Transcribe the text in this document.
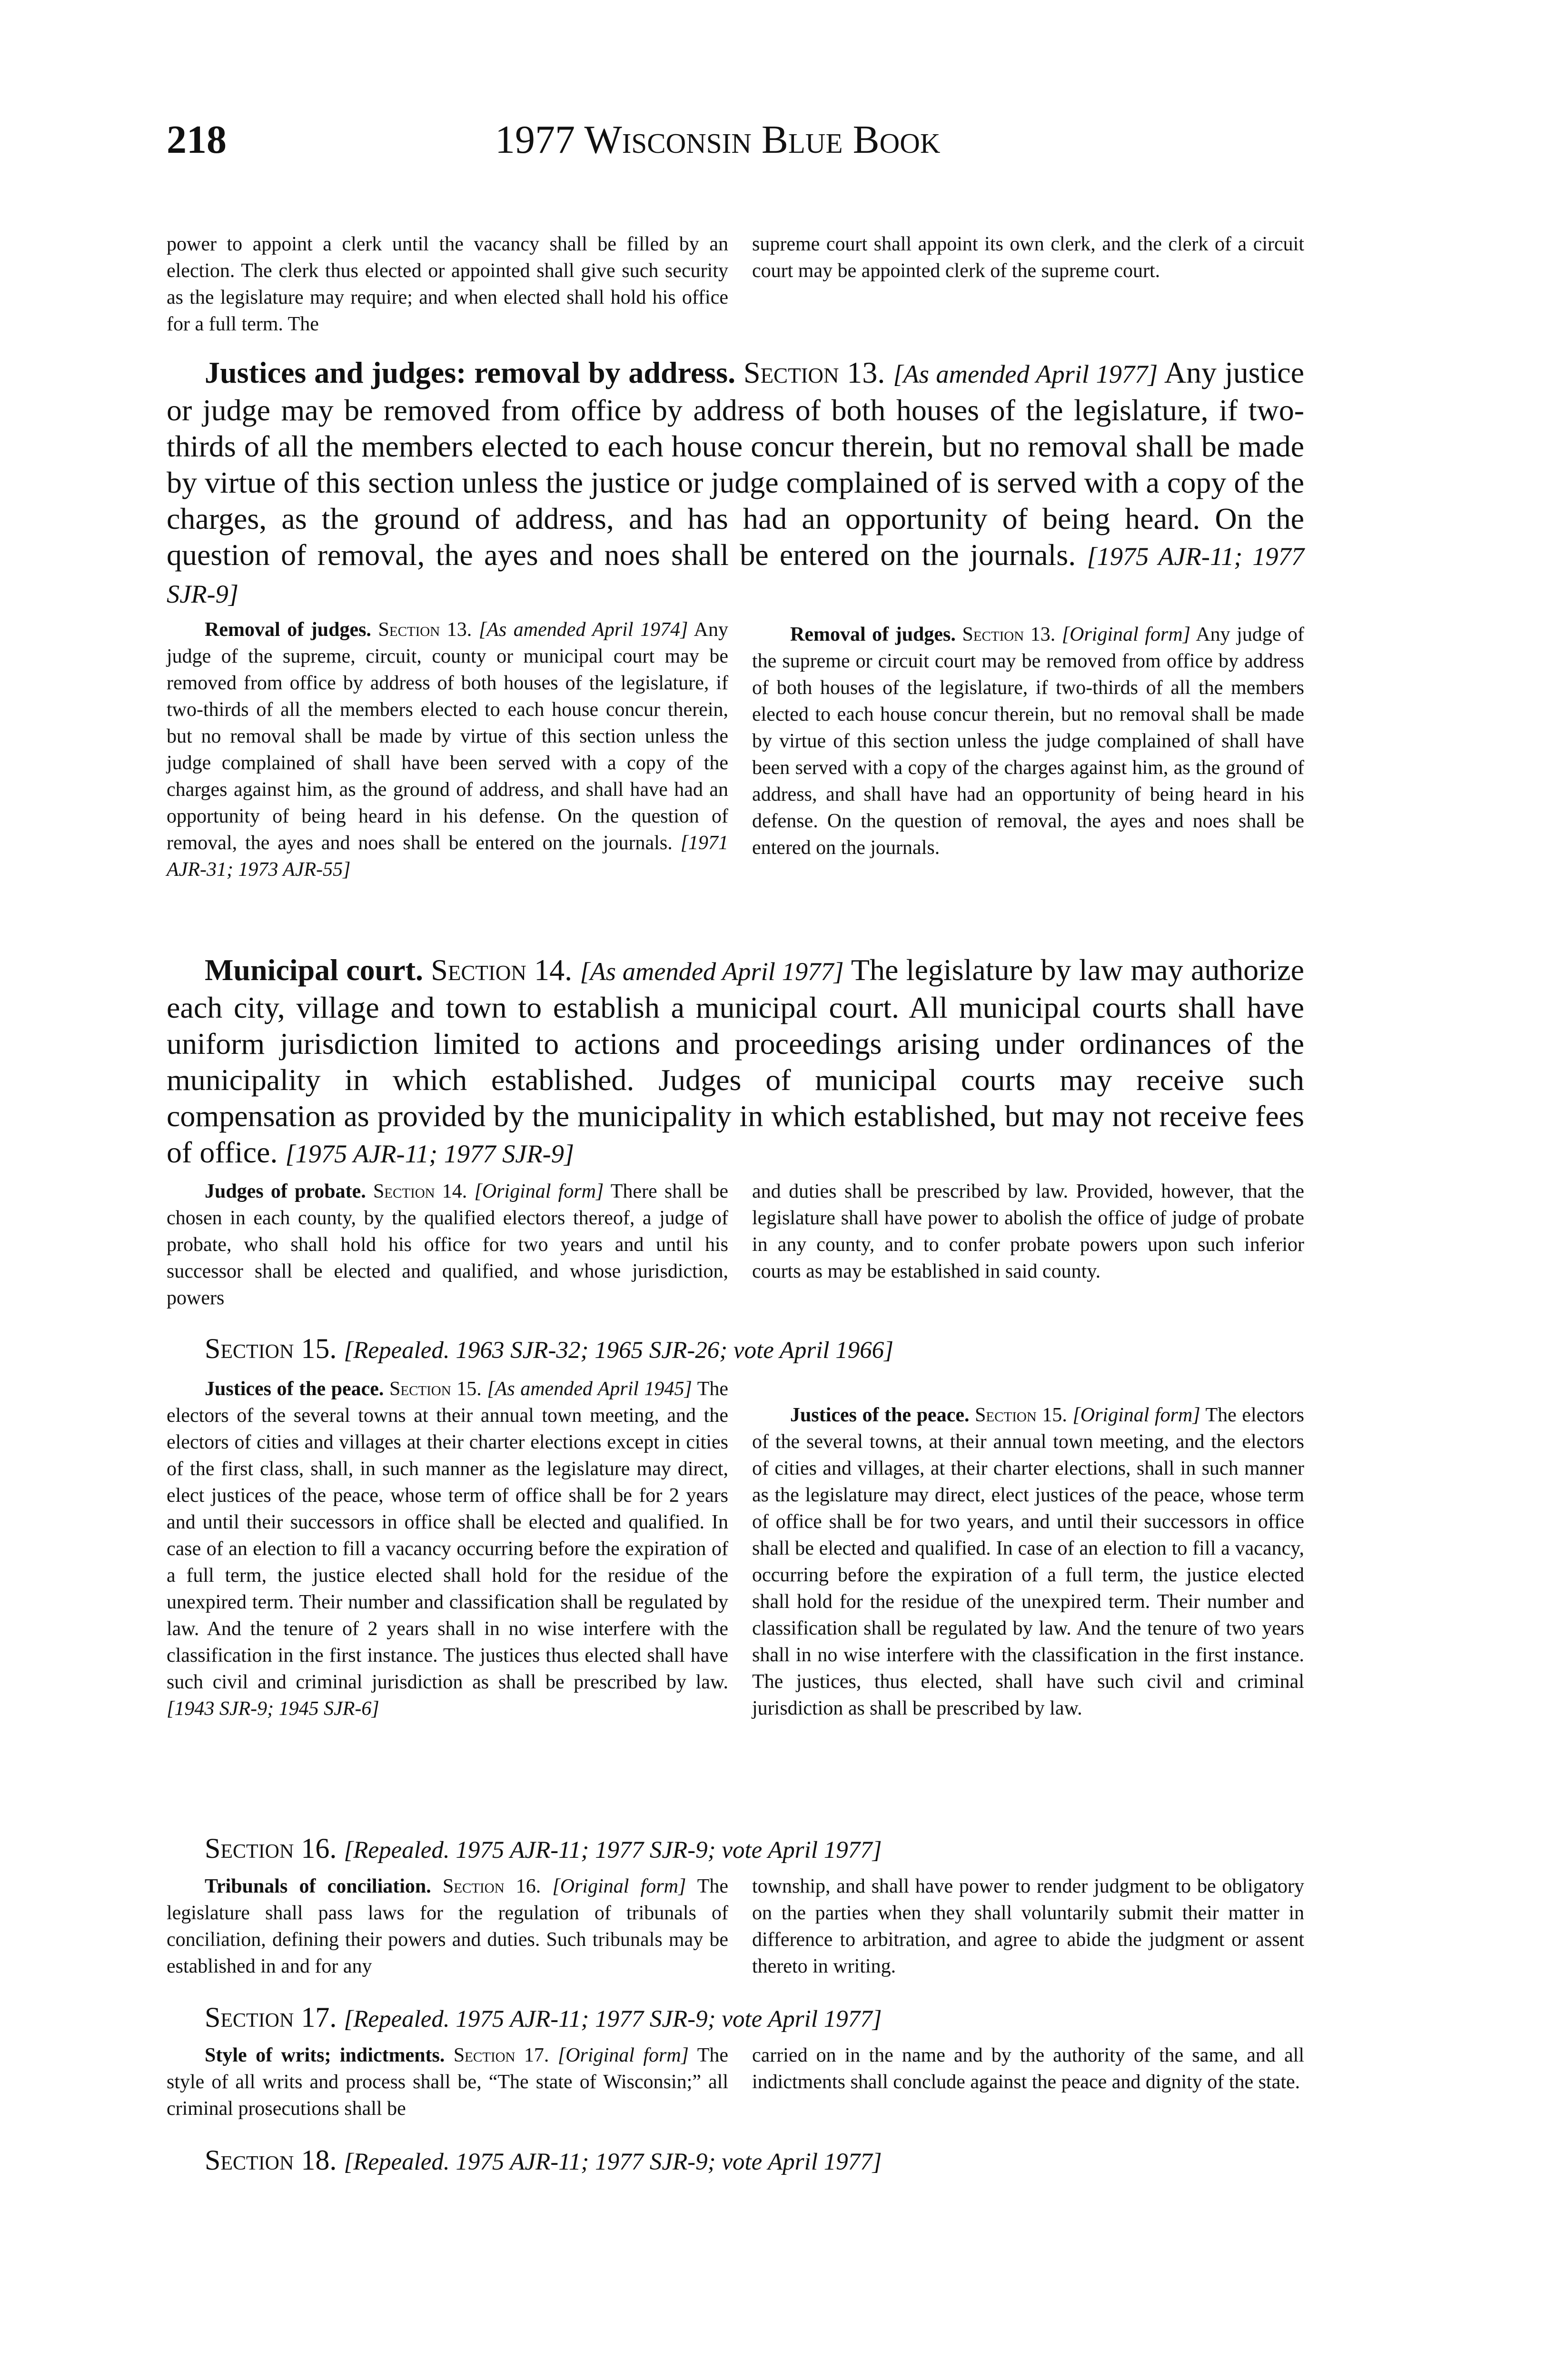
218	1977 Wisconsin Blue Book

power to appoint a clerk until the vacancy shall be filled by an election. The clerk thus elected or appointed shall give such security as the legislature may require; and when elected shall hold his office for a full term. The

supreme court shall appoint its own clerk, and the clerk of a circuit court may be appointed clerk of the supreme court.

Justices and judges: removal by address. Section 13. [As amended April 1977] Any justice or judge may be removed from office by address of both houses of the legislature, if two-thirds of all the members elected to each house concur therein, but no removal shall be made by virtue of this section unless the justice or judge complained of is served with a copy of the charges, as the ground of address, and has had an opportunity of being heard. On the question of removal, the ayes and noes shall be entered on the journals. [1975 AJR-11; 1977 SJR-9]

Removal of judges. Section 13. [As amended April 1974] Any judge of the supreme, circuit, county or municipal court may be removed from office by address of both houses of the legislature, if two-thirds of all the members elected to each house concur therein, but no removal shall be made by virtue of this section unless the judge complained of shall have been served with a copy of the charges against him, as the ground of address, and shall have had an opportunity of being heard in his defense. On the question of removal, the ayes and noes shall be entered on the journals. [1971 AJR-31; 1973 AJR-55]

Removal of judges. Section 13. [Original form] Any judge of the supreme or circuit court may be removed from office by address of both houses of the legislature, if two-thirds of all the members elected to each house concur therein, but no removal shall be made by virtue of this section unless the judge complained of shall have been served with a copy of the charges against him, as the ground of address, and shall have had an opportunity of being heard in his defense. On the question of removal, the ayes and noes shall be entered on the journals.

Municipal court. Section 14. [As amended April 1977] The legislature by law may authorize each city, village and town to establish a municipal court. All municipal courts shall have uniform jurisdiction limited to actions and proceedings arising under ordinances of the municipality in which established. Judges of municipal courts may receive such compensation as provided by the municipality in which established, but may not receive fees of office. [1975 AJR-11; 1977 SJR-9]

Judges of probate. Section 14. [Original form] There shall be chosen in each county, by the qualified electors thereof, a judge of probate, who shall hold his office for two years and until his successor shall be elected and qualified, and whose jurisdiction, powers

and duties shall be prescribed by law. Provided, however, that the legislature shall have power to abolish the office of judge of probate in any county, and to confer probate powers upon such inferior courts as may be established in said county.

Section 15. [Repealed. 1963 SJR-32; 1965 SJR-26; vote April 1966]

Justices of the peace. Section 15. [As amended April 1945] The electors of the several towns at their annual town meeting, and the electors of cities and villages at their charter elections except in cities of the first class, shall, in such manner as the legislature may direct, elect justices of the peace, whose term of office shall be for 2 years and until their successors in office shall be elected and qualified. In case of an election to fill a vacancy occurring before the expiration of a full term, the justice elected shall hold for the residue of the unexpired term. Their number and classification shall be regulated by law. And the tenure of 2 years shall in no wise interfere with the classification in the first instance. The justices thus elected shall have such civil and criminal jurisdiction as shall be prescribed by law. [1943 SJR-9; 1945 SJR-6]

Justices of the peace. Section 15. [Original form] The electors of the several towns, at their annual town meeting, and the electors of cities and villages, at their charter elections, shall in such manner as the legislature may direct, elect justices of the peace, whose term of office shall be for two years, and until their successors in office shall be elected and qualified. In case of an election to fill a vacancy, occurring before the expiration of a full term, the justice elected shall hold for the residue of the unexpired term. Their number and classification shall be regulated by law. And the tenure of two years shall in no wise interfere with the classification in the first instance. The justices, thus elected, shall have such civil and criminal jurisdiction as shall be prescribed by law.

Section 16. [Repealed. 1975 AJR-11; 1977 SJR-9; vote April 1977]

Tribunals of conciliation. Section 16. [Original form] The legislature shall pass laws for the regulation of tribunals of conciliation, defining their powers and duties. Such tribunals may be established in and for any

township, and shall have power to render judgment to be obligatory on the parties when they shall voluntarily submit their matter in difference to arbitration, and agree to abide the judgment or assent thereto in writing.

Section 17. [Repealed. 1975 AJR-11; 1977 SJR-9; vote April 1977]

Style of writs; indictments. Section 17. [Original form] The style of all writs and process shall be, “The state of Wisconsin;” all criminal prosecutions shall be

carried on in the name and by the authority of the same, and all indictments shall conclude against the peace and dignity of the state.

Section 18. [Repealed. 1975 AJR-11; 1977 SJR-9; vote April 1977]
